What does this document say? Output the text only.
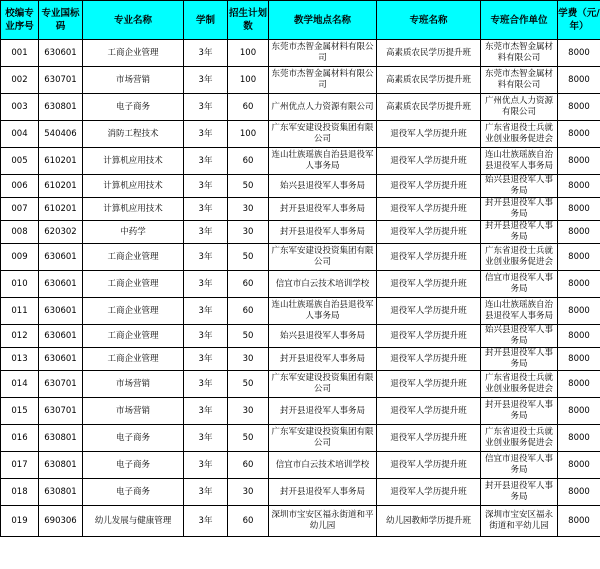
校编专业序号	专业国标码	专业名称	学制	招生计划数	教学地点名称	专班名称	专班合作单位	学费（元/年）
001	630601	工商企业管理	3年	100	东莞市杰智金属材料有限公司	高素质农民学历提升班	东莞市杰智金属材料有限公司	8000
002	630701	市场营销	3年	100	东莞市杰智金属材料有限公司	高素质农民学历提升班	东莞市杰智金属材料有限公司	8000
003	630801	电子商务	3年	60	广州优点人力资源有限公司	高素质农民学历提升班	广州优点人力资源有限公司	8000
004	540406	消防工程技术	3年	100	广东军安建设投资集团有限公司	退役军人学历提升班	广东省退役士兵就业创业服务促进会	8000
005	610201	计算机应用技术	3年	60	连山壮族瑶族自治县退役军人事务局	退役军人学历提升班	连山壮族瑶族自治县退役军人事务局	8000
006	610201	计算机应用技术	3年	50	始兴县退役军人事务局	退役军人学历提升班	始兴县退役军人事务局	8000
007	610201	计算机应用技术	3年	30	封开县退役军人事务局	退役军人学历提升班	封开县退役军人事务局	8000
008	620302	中药学	3年	30	封开县退役军人事务局	退役军人学历提升班	封开县退役军人事务局	8000
009	630601	工商企业管理	3年	50	广东军安建设投资集团有限公司	退役军人学历提升班	广东省退役士兵就业创业服务促进会	8000
010	630601	工商企业管理	3年	60	信宜市白云技术培训学校	退役军人学历提升班	信宜市退役军人事务局	8000
011	630601	工商企业管理	3年	60	连山壮族瑶族自治县退役军人事务局	退役军人学历提升班	连山壮族瑶族自治县退役军人事务局	8000
012	630601	工商企业管理	3年	50	始兴县退役军人事务局	退役军人学历提升班	始兴县退役军人事务局	8000
013	630601	工商企业管理	3年	30	封开县退役军人事务局	退役军人学历提升班	封开县退役军人事务局	8000
014	630701	市场营销	3年	50	广东军安建设投资集团有限公司	退役军人学历提升班	广东省退役士兵就业创业服务促进会	8000
015	630701	市场营销	3年	30	封开县退役军人事务局	退役军人学历提升班	封开县退役军人事务局	8000
016	630801	电子商务	3年	50	广东军安建设投资集团有限公司	退役军人学历提升班	广东省退役士兵就业创业服务促进会	8000
017	630801	电子商务	3年	60	信宜市白云技术培训学校	退役军人学历提升班	信宜市退役军人事务局	8000
018	630801	电子商务	3年	30	封开县退役军人事务局	退役军人学历提升班	封开县退役军人事务局	8000
019	690306	幼儿发展与健康管理	3年	60	深圳市宝安区福永街道和平幼儿园	幼儿园教师学历提升班	深圳市宝安区福永街道和平幼儿园	8000
